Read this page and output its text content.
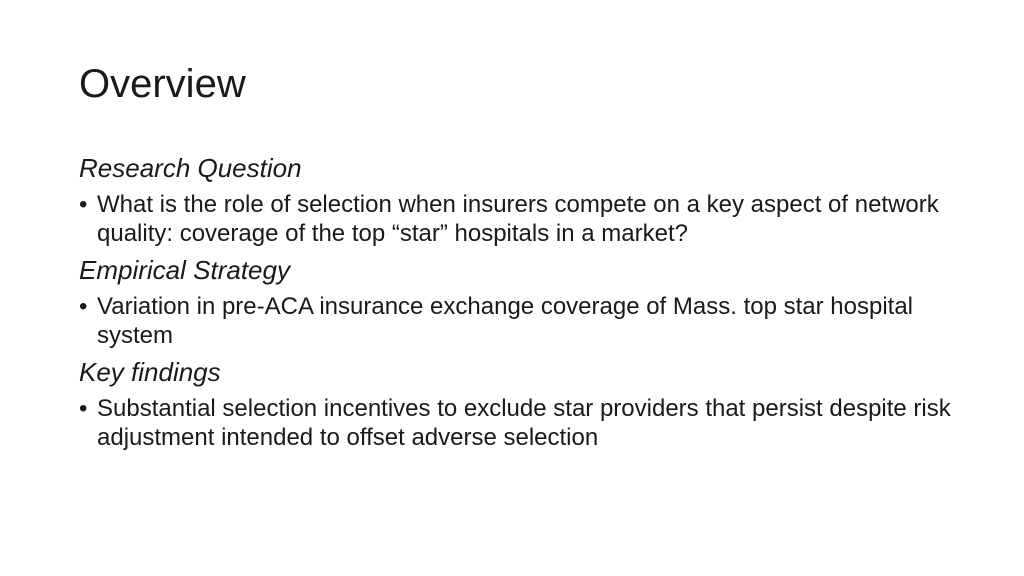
Overview

Research Question

• What is the role of selection when insurers compete on a key aspect of network quality: coverage of the top “star” hospitals in a market?

Empirical Strategy

• Variation in pre-ACA insurance exchange coverage of Mass. top star hospital system

Key findings

• Substantial selection incentives to exclude star providers that persist despite risk adjustment intended to offset adverse selection
